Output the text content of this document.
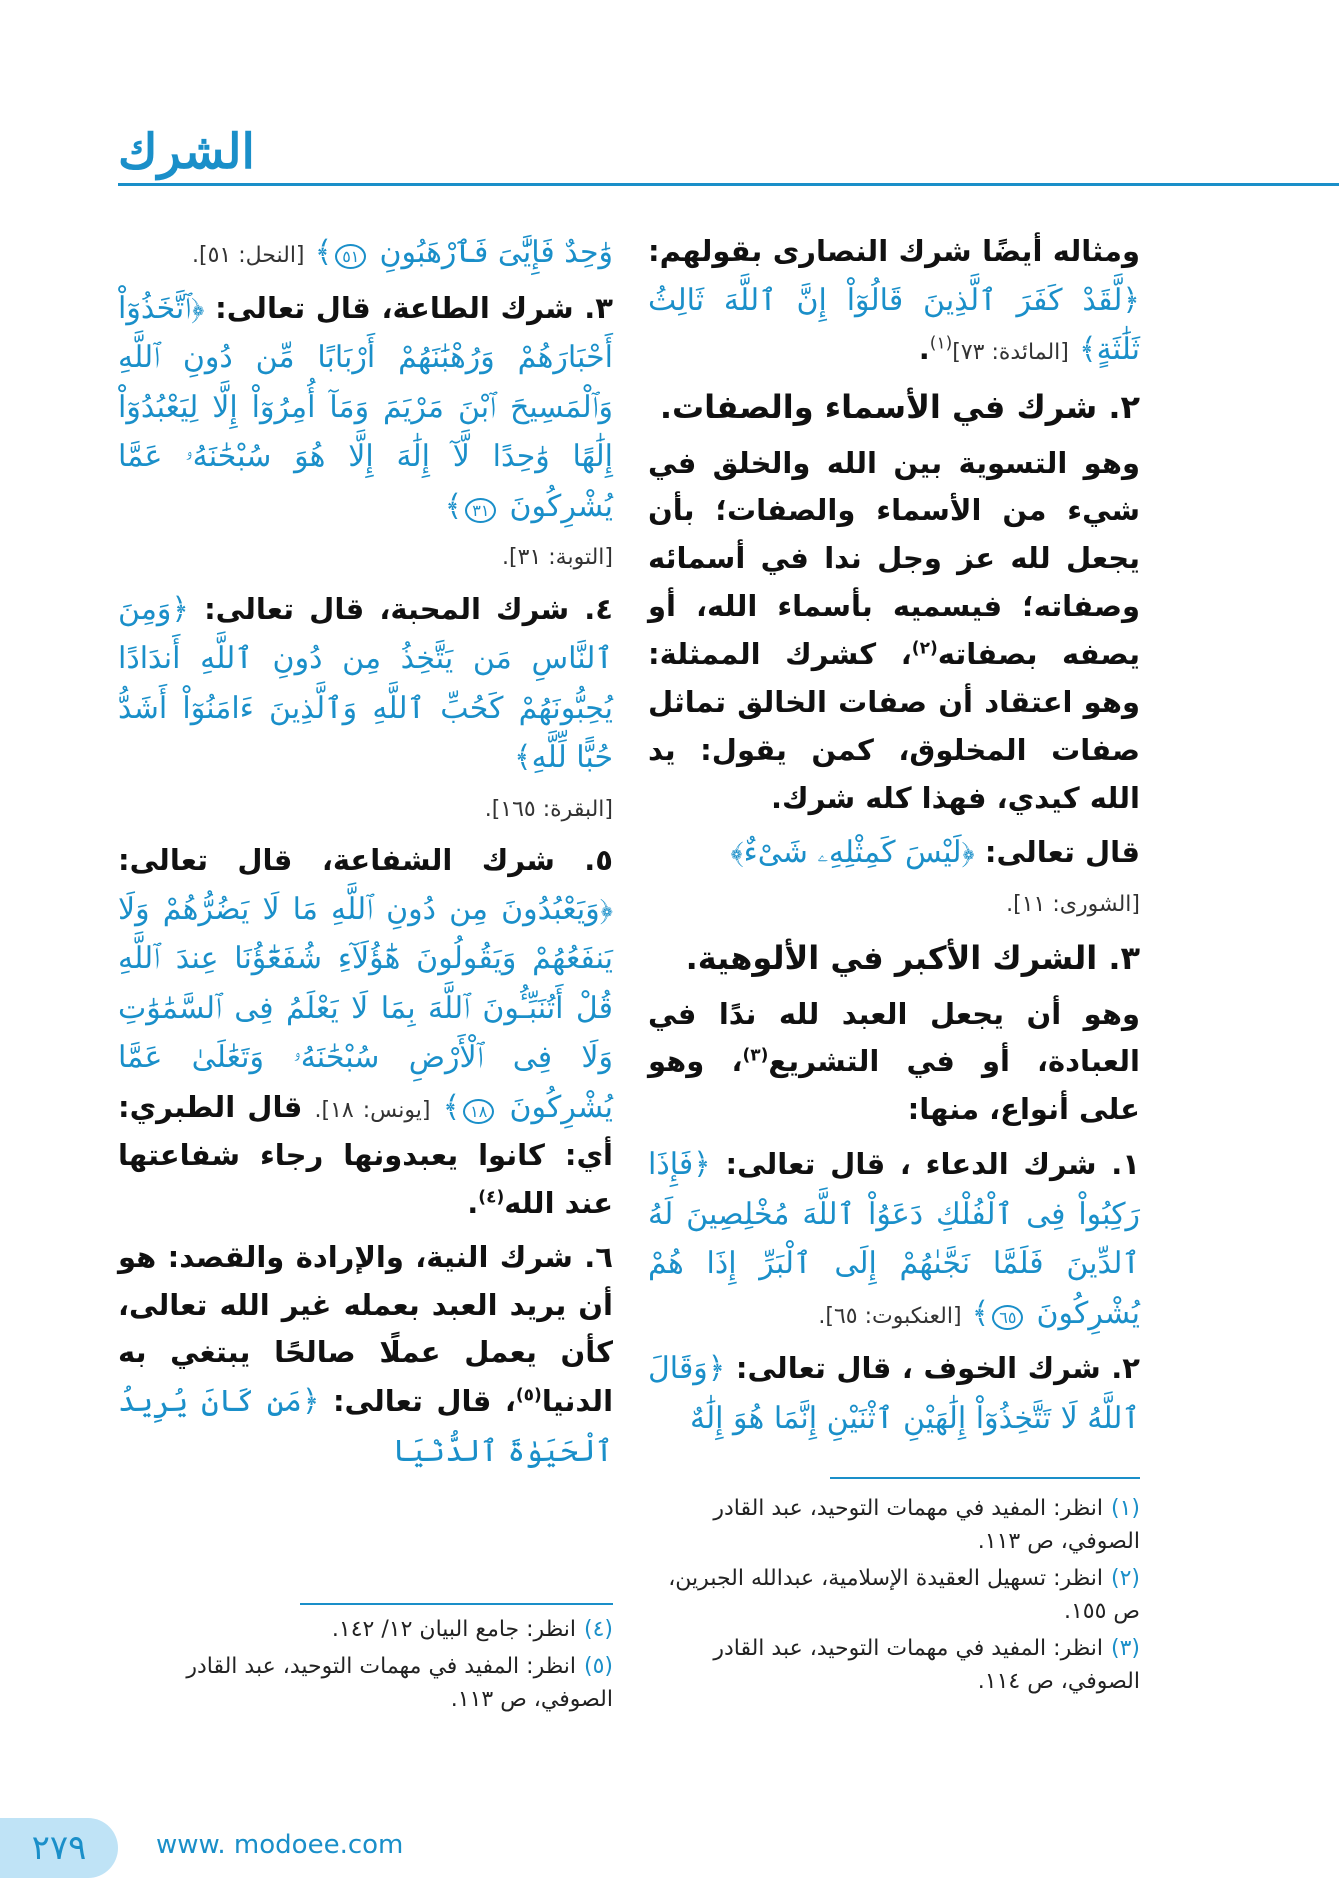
الشرك

ومثاله أيضًا شرك النصارى بقولهم: ﴿لَّقَدْ كَفَرَ ٱلَّذِينَ قَالُوٓاْ إِنَّ ٱللَّهَ ثَالِثُ ثَلَٰثَةٍ﴾ [المائدة: ٧٣]$^{(١)}$.

٢. شرك في الأسماء والصفات.

وهو التسوية بين الله والخلق في شيء من الأسماء والصفات؛ بأن يجعل لله عز وجل ندا في أسمائه وصفاته؛ فيسميه بأسماء الله، أو يصفه بصفاته$^{(٢)}$، كشرك الممثلة: وهو اعتقاد أن صفات الخالق تماثل صفات المخلوق، كمن يقول: يد الله كيدي، فهذا كله شرك.

قال تعالى: ﴿لَيْسَ كَمِثْلِهِۦ شَىْءٌ﴾
[الشورى: ١١].

٣. الشرك الأكبر في الألوهية.

وهو أن يجعل العبد لله ندًا في العبادة، أو في التشريع$^{(٣)}$، وهو على أنواع، منها:

١. شرك الدعاء ، قال تعالى: ﴿فَإِذَا رَكِبُواْ فِى ٱلْفُلْكِ دَعَوُاْ ٱللَّهَ مُخْلِصِينَ لَهُ ٱلدِّينَ فَلَمَّا نَجَّىٰهُمْ إِلَى ٱلْبَرِّ إِذَا هُمْ يُشْرِكُونَ ٦٥﴾ [العنكبوت: ٦٥].

٢. شرك الخوف ، قال تعالى: ﴿وَقَالَ ٱللَّهُ لَا تَتَّخِذُوٓاْ إِلَٰهَيْنِ ٱثْنَيْنِ إِنَّمَا هُوَ إِلَٰهٌ

وَٰحِدٌ فَإِيَّٰىَ فَٱرْهَبُونِ ٥١﴾ [النحل: ٥١].

٣. شرك الطاعة، قال تعالى: ﴿ٱتَّخَذُوٓاْ أَحْبَارَهُمْ وَرُهْبَٰنَهُمْ أَرْبَابًا مِّن دُونِ ٱللَّهِ وَٱلْمَسِيحَ ٱبْنَ مَرْيَمَ وَمَآ أُمِرُوٓاْ إِلَّا لِيَعْبُدُوٓاْ إِلَٰهًا وَٰحِدًا لَّآ إِلَٰهَ إِلَّا هُوَ سُبْحَٰنَهُۥ عَمَّا يُشْرِكُونَ ٣١﴾
[التوبة: ٣١].

٤. شرك المحبة، قال تعالى: ﴿وَمِنَ ٱلنَّاسِ مَن يَتَّخِذُ مِن دُونِ ٱللَّهِ أَندَادًا يُحِبُّونَهُمْ كَحُبِّ ٱللَّهِ وَٱلَّذِينَ ءَامَنُوٓاْ أَشَدُّ حُبًّا لِّلَّهِ﴾
[البقرة: ١٦٥].

٥. شرك الشفاعة، قال تعالى: ﴿وَيَعْبُدُونَ مِن دُونِ ٱللَّهِ مَا لَا يَضُرُّهُمْ وَلَا يَنفَعُهُمْ وَيَقُولُونَ هَٰٓؤُلَآءِ شُفَعَٰٓؤُنَا عِندَ ٱللَّهِ قُلْ أَتُنَبِّـُٔونَ ٱللَّهَ بِمَا لَا يَعْلَمُ فِى ٱلسَّمَٰوَٰتِ وَلَا فِى ٱلْأَرْضِ سُبْحَٰنَهُۥ وَتَعَٰلَىٰ عَمَّا يُشْرِكُونَ ١٨﴾ [يونس: ١٨]. قال الطبري: أي: كانوا يعبدونها رجاء شفاعتها عند الله$^{(٤)}$.

٦. شرك النية، والإرادة والقصد: هو أن يريد العبد بعمله غير الله تعالى، كأن يعمل عملًا صالحًا يبتغي به الدنيا$^{(٥)}$، قال تعالى: ﴿مَن كَانَ يُرِيدُ ٱلْحَيَوٰةَ ٱلدُّنْيَا

(١)انظر: المفيد في مهمات التوحيد، عبد القادر الصوفي، ص ١١٣.
(٢)انظر: تسهيل العقيدة الإسلامية، عبدالله الجبرين، ص ١٥٥.
(٣)انظر: المفيد في مهمات التوحيد، عبد القادر الصوفي، ص ١١٤.
(٤)انظر: جامع البيان ١٢/ ١٤٢.
(٥)انظر: المفيد في مهمات التوحيد، عبد القادر الصوفي، ص ١١٣.
٢٧٩	www. modoee.com
